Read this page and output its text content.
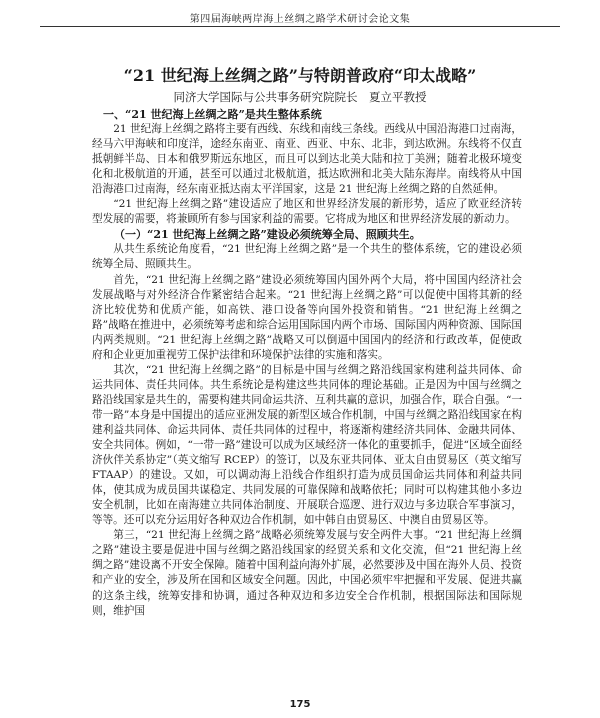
第四届海峡两岸海上丝绸之路学术研讨会论文集
“21 世纪海上丝绸之路”与特朗普政府“印太战略”
同济大学国际与公共事务研究院院长　夏立平教授
一、“21 世纪海上丝绸之路”是共生整体系统

21 世纪海上丝绸之路将主要有西线、东线和南线三条线。西线从中国沿海港口过南海，经马六甲海峡和印度洋，途经东南亚、南亚、西亚、中东、北非，到达欧洲。东线将不仅直抵朝鲜半岛、日本和俄罗斯远东地区，而且可以到达北美大陆和拉丁美洲；随着北极环境变化和北极航道的开通，甚至可以通过北极航道，抵达欧洲和北美大陆东海岸。南线将从中国沿海港口过南海，经东南亚抵达南太平洋国家，这是 21 世纪海上丝绸之路的自然延伸。

“21 世纪海上丝绸之路”建设适应了地区和世界经济发展的新形势，适应了欧亚经济转型发展的需要，将兼顾所有参与国家利益的需要。它将成为地区和世界经济发展的新动力。

（一）“21 世纪海上丝绸之路”建设必须统筹全局、照顾共生。

从共生系统论角度看，“21 世纪海上丝绸之路”是一个共生的整体系统，它的建设必须统筹全局、照顾共生。

首先，“21 世纪海上丝绸之路”建设必须统筹国内国外两个大局，将中国国内经济社会发展战略与对外经济合作紧密结合起来。“21 世纪海上丝绸之路”可以促使中国将其新的经济比较优势和优质产能，如高铁、港口设备等向国外投资和销售。“21 世纪海上丝绸之路”战略在推进中，必须统筹考虑和综合运用国际国内两个市场、国际国内两种资源、国际国内两类规则。“21 世纪海上丝绸之路”战略又可以倒逼中国国内的经济和行政改革，促使政府和企业更加重视劳工保护法律和环境保护法律的实施和落实。

其次，“21 世纪海上丝绸之路”的目标是中国与丝绸之路沿线国家构建利益共同体、命运共同体、责任共同体。共生系统论是构建这些共同体的理论基础。正是因为中国与丝绸之路沿线国家是共生的，需要构建共同命运共济、互利共赢的意识，加强合作，联合自强。“一带一路”本身是中国提出的适应亚洲发展的新型区域合作机制，中国与丝绸之路沿线国家在构建利益共同体、命运共同体、责任共同体的过程中，将逐渐构建经济共同体、金融共同体、安全共同体。例如，“一带一路”建设可以成为区域经济一体化的重要抓手，促进“区域全面经济伙伴关系协定”（英文缩写 RCEP）的签订，以及东亚共同体、亚太自由贸易区（英文缩写 FTAAP）的建设。又如，可以调动海上沿线合作组织打造为成员国命运共同体和利益共同体，使其成为成员国共谋稳定、共同发展的可靠保障和战略依托；同时可以构建其他小多边安全机制，比如在南海建立共同体治制度、开展联合巡逻、进行双边与多边联合军事演习，等等。还可以充分运用好各种双边合作机制，如中韩自由贸易区、中澳自由贸易区等。

第三，“21 世纪海上丝绸之路”战略必须统筹发展与安全两件大事。“21 世纪海上丝绸之路”建设主要是促进中国与丝绸之路沿线国家的经贸关系和文化交流，但“21 世纪海上丝绸之路”建设离不开安全保障。随着中国利益向海外扩展，必然要涉及中国在海外人员、投资和产业的安全，涉及所在国和区域安全问题。因此，中国必须牢牢把握和平发展、促进共赢的这条主线，统筹安排和协调，通过各种双边和多边安全合作机制，根据国际法和国际规则，维护国

175
